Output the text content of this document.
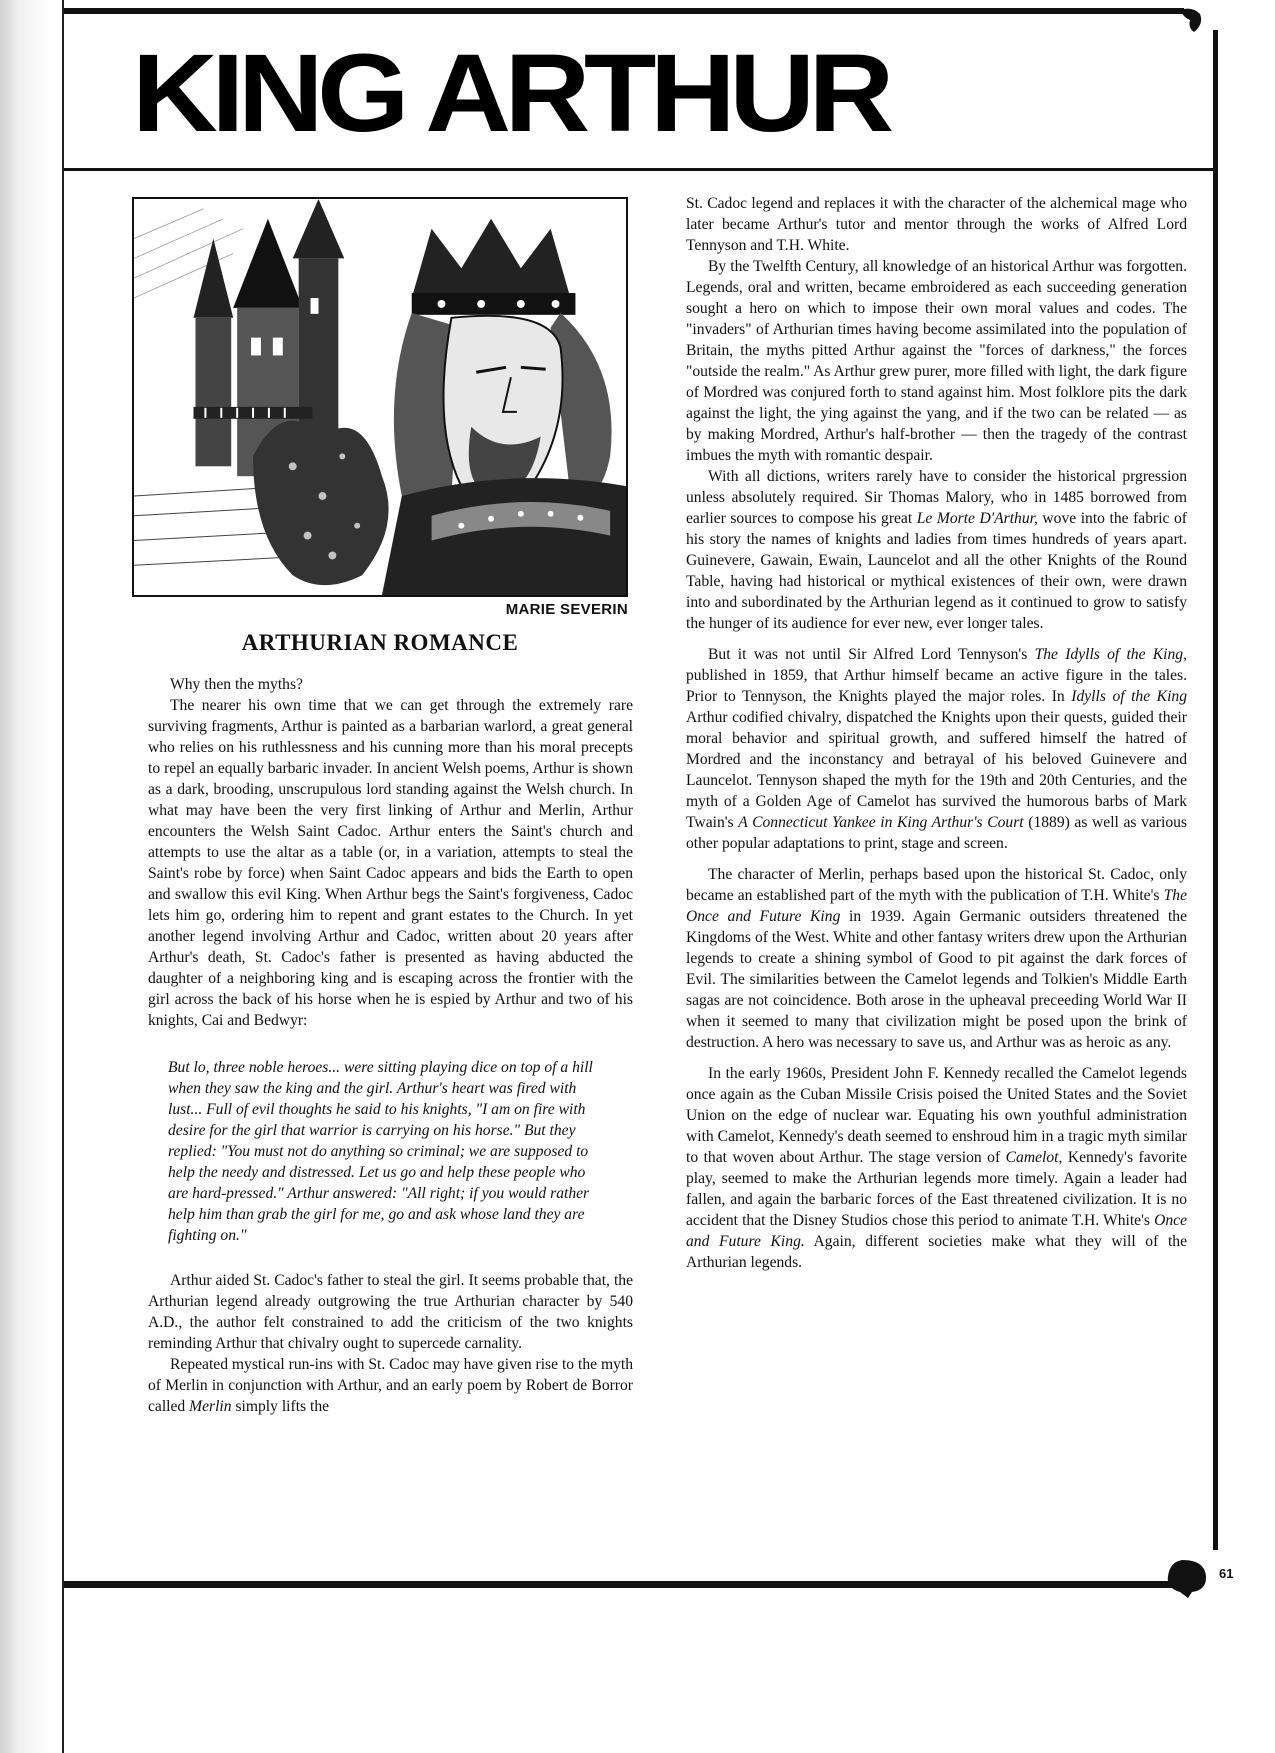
KING ARTHUR
MARIE SEVERIN
ARTHURIAN ROMANCE

Why then the myths?

The nearer his own time that we can get through the extremely rare surviving fragments, Arthur is painted as a barbarian warlord, a great general who relies on his ruthlessness and his cunning more than his moral precepts to repel an equally barbaric invader. In ancient Welsh poems, Arthur is shown as a dark, brooding, unscrupulous lord standing against the Welsh church. In what may have been the very first linking of Arthur and Merlin, Arthur encounters the Welsh Saint Cadoc. Arthur enters the Saint's church and attempts to use the altar as a table (or, in a variation, attempts to steal the Saint's robe by force) when Saint Cadoc appears and bids the Earth to open and swallow this evil King. When Arthur begs the Saint's forgiveness, Cadoc lets him go, ordering him to repent and grant estates to the Church. In yet another legend involving Arthur and Cadoc, written about 20 years after Arthur's death, St. Cadoc's father is presented as having abducted the daughter of a neighboring king and is escaping across the frontier with the girl across the back of his horse when he is espied by Arthur and two of his knights, Cai and Bedwyr:

But lo, three noble heroes... were sitting playing dice on top of a hill when they saw the king and the girl. Arthur's heart was fired with lust... Full of evil thoughts he said to his knights, "I am on fire with desire for the girl that warrior is carrying on his horse." But they replied: "You must not do anything so criminal; we are supposed to help the needy and distressed. Let us go and help these people who are hard-pressed." Arthur answered: "All right; if you would rather help him than grab the girl for me, go and ask whose land they are fighting on."

Arthur aided St. Cadoc's father to steal the girl. It seems probable that, the Arthurian legend already outgrowing the true Arthurian character by 540 A.D., the author felt constrained to add the criticism of the two knights reminding Arthur that chivalry ought to supercede carnality.

Repeated mystical run-ins with St. Cadoc may have given rise to the myth of Merlin in conjunction with Arthur, and an early poem by Robert de Borror called Merlin simply lifts the

St. Cadoc legend and replaces it with the character of the alchemical mage who later became Arthur's tutor and mentor through the works of Alfred Lord Tennyson and T.H. White.

By the Twelfth Century, all knowledge of an historical Arthur was forgotten. Legends, oral and written, became embroidered as each succeeding generation sought a hero on which to impose their own moral values and codes. The "invaders" of Arthurian times having become assimilated into the population of Britain, the myths pitted Arthur against the "forces of darkness," the forces "outside the realm." As Arthur grew purer, more filled with light, the dark figure of Mordred was conjured forth to stand against him. Most folklore pits the dark against the light, the ying against the yang, and if the two can be related — as by making Mordred, Arthur's half-brother — then the tragedy of the contrast imbues the myth with romantic despair.

With all dictions, writers rarely have to consider the historical prgression unless absolutely required. Sir Thomas Malory, who in 1485 borrowed from earlier sources to compose his great Le Morte D'Arthur, wove into the fabric of his story the names of knights and ladies from times hundreds of years apart. Guinevere, Gawain, Ewain, Launcelot and all the other Knights of the Round Table, having had historical or mythical existences of their own, were drawn into and subordinated by the Arthurian legend as it continued to grow to satisfy the hunger of its audience for ever new, ever longer tales.

But it was not until Sir Alfred Lord Tennyson's The Idylls of the King, published in 1859, that Arthur himself became an active figure in the tales. Prior to Tennyson, the Knights played the major roles. In Idylls of the King Arthur codified chivalry, dispatched the Knights upon their quests, guided their moral behavior and spiritual growth, and suffered himself the hatred of Mordred and the inconstancy and betrayal of his beloved Guinevere and Launcelot. Tennyson shaped the myth for the 19th and 20th Centuries, and the myth of a Golden Age of Camelot has survived the humorous barbs of Mark Twain's A Connecticut Yankee in King Arthur's Court (1889) as well as various other popular adaptations to print, stage and screen.

The character of Merlin, perhaps based upon the historical St. Cadoc, only became an established part of the myth with the publication of T.H. White's The Once and Future King in 1939. Again Germanic outsiders threatened the Kingdoms of the West. White and other fantasy writers drew upon the Arthurian legends to create a shining symbol of Good to pit against the dark forces of Evil. The similarities between the Camelot legends and Tolkien's Middle Earth sagas are not coincidence. Both arose in the upheaval preceeding World War II when it seemed to many that civilization might be posed upon the brink of destruction. A hero was necessary to save us, and Arthur was as heroic as any.

In the early 1960s, President John F. Kennedy recalled the Camelot legends once again as the Cuban Missile Crisis poised the United States and the Soviet Union on the edge of nuclear war. Equating his own youthful administration with Camelot, Kennedy's death seemed to enshroud him in a tragic myth similar to that woven about Arthur. The stage version of Camelot, Kennedy's favorite play, seemed to make the Arthurian legends more timely. Again a leader had fallen, and again the barbaric forces of the East threatened civilization. It is no accident that the Disney Studios chose this period to animate T.H. White's Once and Future King. Again, different societies make what they will of the Arthurian legends.

61
